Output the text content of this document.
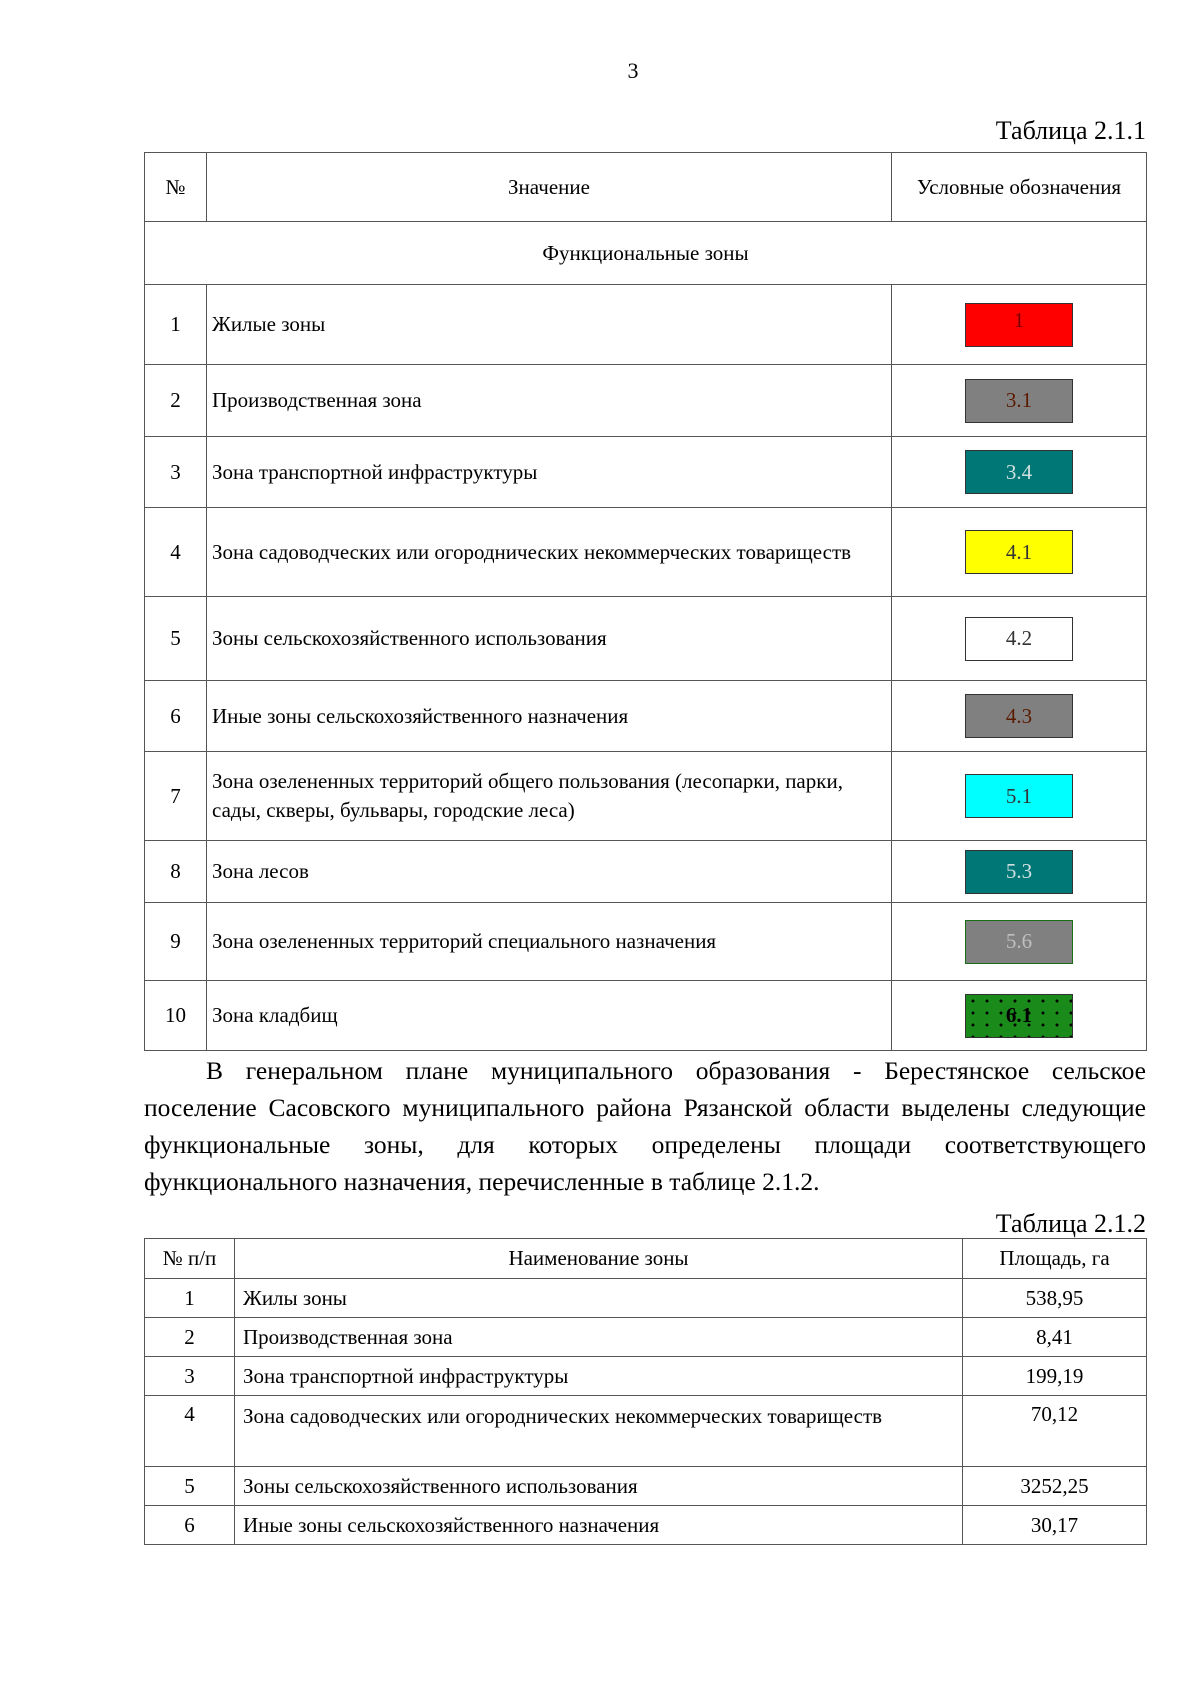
3
Таблица 2.1.1
№	Значение	Условные обозначения
Функциональные зоны		
1	Жилые зоны	1
2	Производственная зона	3.1
3	Зона транспортной инфраструктуры	3.4
4	Зона садоводческих или огороднических некоммерческих товариществ	4.1
5	Зоны сельскохозяйственного использования	4.2
6	Иные зоны сельскохозяйственного назначения	4.3
7	Зона озелененных территорий общего пользования (лесопарки, парки, сады, скверы, бульвары, городские леса)	5.1
8	Зона лесов	5.3
9	Зона озелененных территорий специального назначения	5.6
10	Зона кладбищ	6.1

В генеральном плане муниципального образования - Берестянское сельское поселение Сасовского муниципального района Рязанской области выделены следующие функциональные зоны, для которых определены площади соответствующего функционального назначения, перечисленные в таблице 2.1.2.

Таблица 2.1.2
№ п/п	Наименование зоны	Площадь, га
1	Жилы зоны	538,95
2	Производственная зона	8,41
3	Зона транспортной инфраструктуры	199,19
4	Зона садоводческих или огороднических некоммерческих товариществ	70,12
5	Зоны сельскохозяйственного использования	3252,25
6	Иные зоны сельскохозяйственного назначения	30,17
